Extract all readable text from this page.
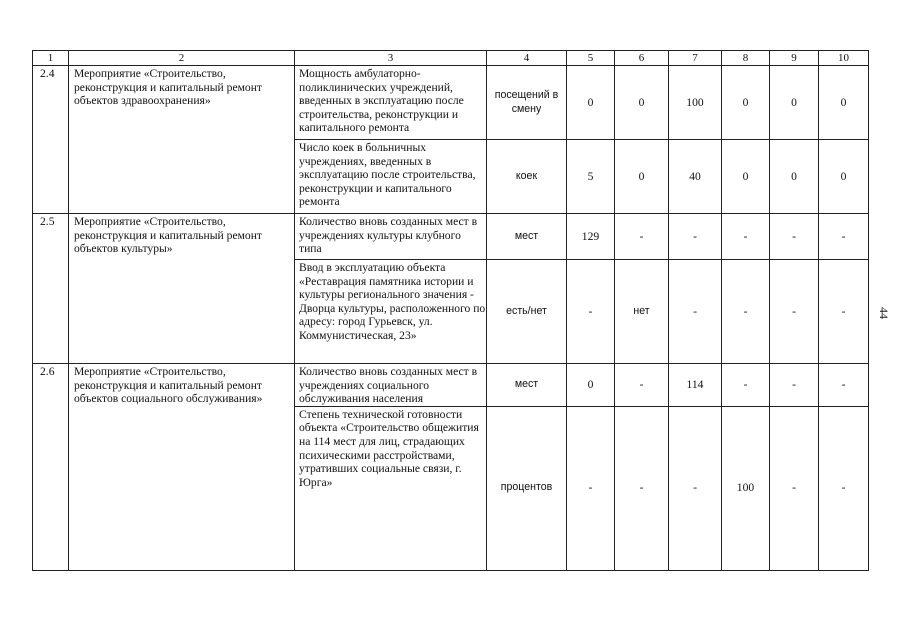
1	2	3	4	5	6	7	8	9	10
2.4	Мероприятие «Строительство, реконструкция и капитальный ремонт объектов здравоохранения»	Мощность амбулаторно-поликлинических учреждений, введенных в эксплуатацию после строительства, реконструкции и капитального ремонта	посещений в смену	0	0	100	0	0	0
		Число коек в больничных учреждениях, введенных в эксплуатацию после строительства, реконструкции и капитального ремонта	коек	5	0	40	0	0	0
2.5	Мероприятие «Строительство, реконструкция и капитальный ремонт объектов культуры»	Количество вновь созданных мест в учреждениях культуры клубного типа	мест	129	-	-	-	-	-
		Ввод в эксплуатацию объекта «Реставрация памятника истории и культуры регионального значения - Дворца культуры, расположенного по адресу: город Гурьевск, ул. Коммунистическая, 23»	есть/нет	-	нет	-	-	-	-
2.6	Мероприятие «Строительство, реконструкция и капитальный ремонт объектов социального обслуживания»	Количество вновь созданных мест в учреждениях социального обслуживания населения	мест	0	-	114	-	-	-
		Степень технической готовности объекта «Строительство общежития на 114 мест для лиц, страдающих психическими расстройствами, утративших социальные связи, г. Юрга»	процентов	-	-	-	100	-	-
44
